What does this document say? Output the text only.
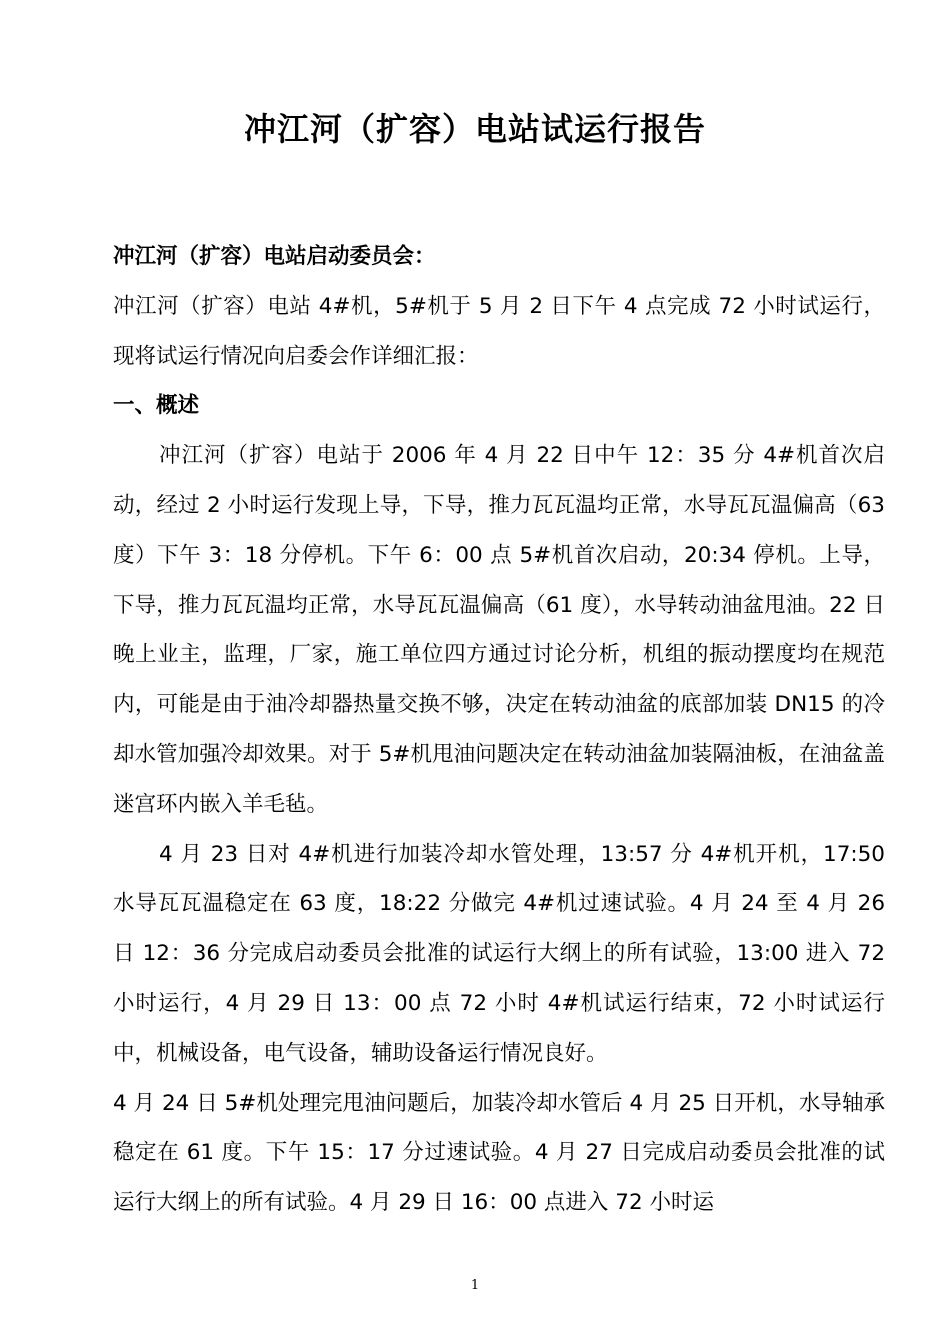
冲江河（扩容）电站试运行报告

冲江河（扩容）电站启动委员会：

冲江河（扩容）电站 4#机，5#机于 5 月 2 日下午 4 点完成 72 小时试运行，现将试运行情况向启委会作详细汇报：

一、概述

冲江河（扩容）电站于 2006 年 4 月 22 日中午 12：35 分 4#机首次启动，经过 2 小时运行发现上导，下导，推力瓦瓦温均正常，水导瓦瓦温偏高（63 度）下午 3：18 分停机。下午 6：00 点 5#机首次启动，20:34 停机。上导，下导，推力瓦瓦温均正常，水导瓦瓦温偏高（61 度），水导转动油盆甩油。22 日晚上业主，监理，厂家，施工单位四方通过讨论分析，机组的振动摆度均在规范内，可能是由于油冷却器热量交换不够，决定在转动油盆的底部加装 DN15 的冷却水管加强冷却效果。对于 5#机甩油问题决定在转动油盆加装隔油板，在油盆盖迷宫环内嵌入羊毛毡。

4 月 23 日对 4#机进行加装冷却水管处理，13:57 分 4#机开机，17:50 水导瓦瓦温稳定在 63 度，18:22 分做完 4#机过速试验。4 月 24 至 4 月 26 日 12：36 分完成启动委员会批准的试运行大纲上的所有试验，13:00 进入 72 小时运行，4 月 29 日 13：00 点 72 小时 4#机试运行结束，72 小时试运行中，机械设备，电气设备，辅助设备运行情况良好。

4 月 24 日 5#机处理完甩油问题后，加装冷却水管后 4 月 25 日开机，水导轴承稳定在 61 度。下午 15：17 分过速试验。4 月 27 日完成启动委员会批准的试运行大纲上的所有试验。4 月 29 日 16：00 点进入 72 小时运

1
